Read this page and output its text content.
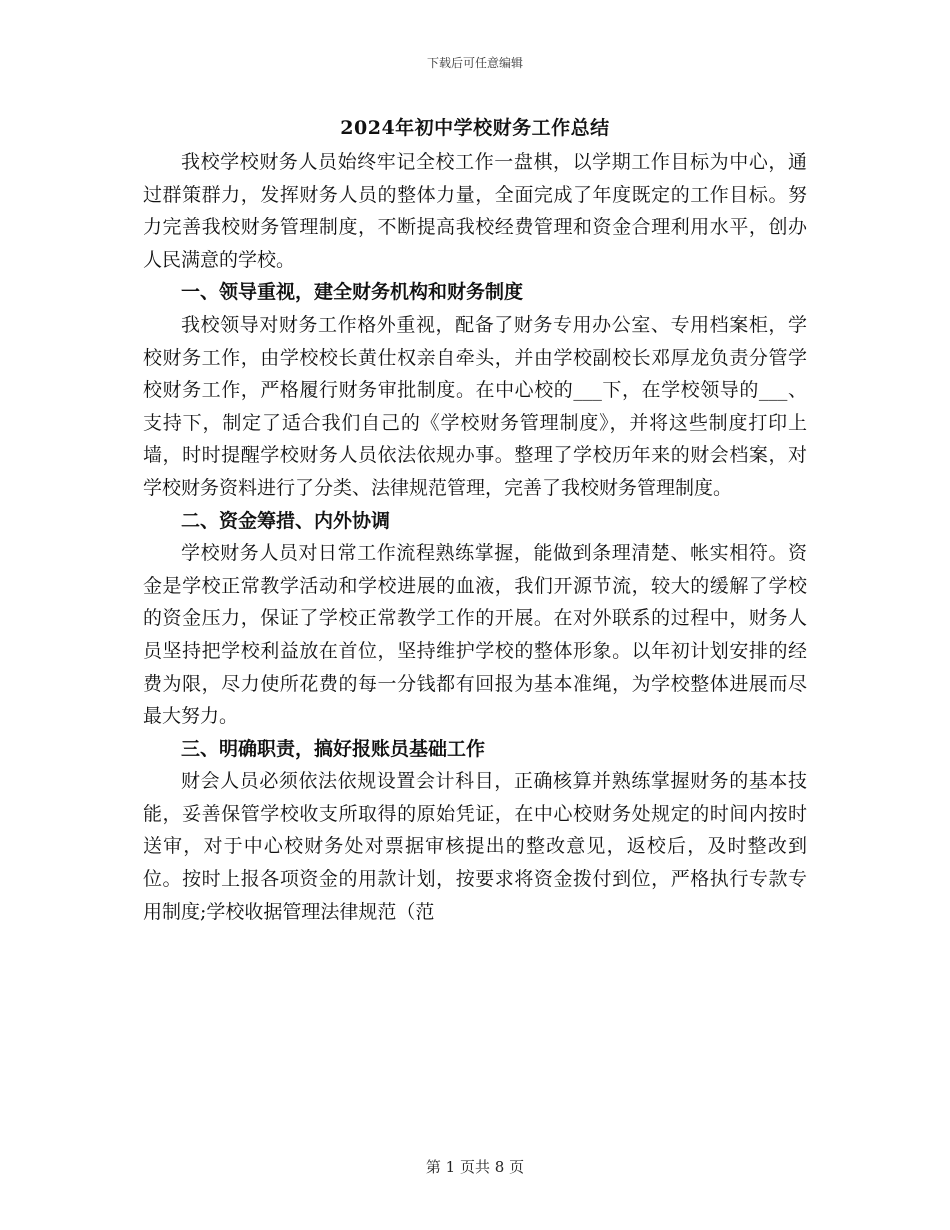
下载后可任意编辑
2024年初中学校财务工作总结

我校学校财务人员始终牢记全校工作一盘棋，以学期工作目标为中心，通过群策群力，发挥财务人员的整体力量，全面完成了年度既定的工作目标。努力完善我校财务管理制度，不断提高我校经费管理和资金合理利用水平，创办人民满意的学校。

一、领导重视，建全财务机构和财务制度

我校领导对财务工作格外重视，配备了财务专用办公室、专用档案柜，学校财务工作，由学校校长黄仕权亲自牵头，并由学校副校长邓厚龙负责分管学校财务工作，严格履行财务审批制度。在中心校的___下，在学校领导的___、支持下，制定了适合我们自己的《学校财务管理制度》，并将这些制度打印上墙，时时提醒学校财务人员依法依规办事。整理了学校历年来的财会档案，对学校财务资料进行了分类、法律规范管理，完善了我校财务管理制度。

二、资金筹措、内外协调

学校财务人员对日常工作流程熟练掌握，能做到条理清楚、帐实相符。资金是学校正常教学活动和学校进展的血液，我们开源节流，较大的缓解了学校的资金压力，保证了学校正常教学工作的开展。在对外联系的过程中，财务人员坚持把学校利益放在首位，坚持维护学校的整体形象。以年初计划安排的经费为限，尽力使所花费的每一分钱都有回报为基本准绳，为学校整体进展而尽最大努力。

三、明确职责，搞好报账员基础工作

财会人员必须依法依规设置会计科目，正确核算并熟练掌握财务的基本技能，妥善保管学校收支所取得的原始凭证，在中心校财务处规定的时间内按时送审，对于中心校财务处对票据审核提出的整改意见，返校后，及时整改到位。按时上报各项资金的用款计划，按要求将资金拨付到位，严格执行专款专用制度;学校收据管理法律规范（范

第 1 页共 8 页
